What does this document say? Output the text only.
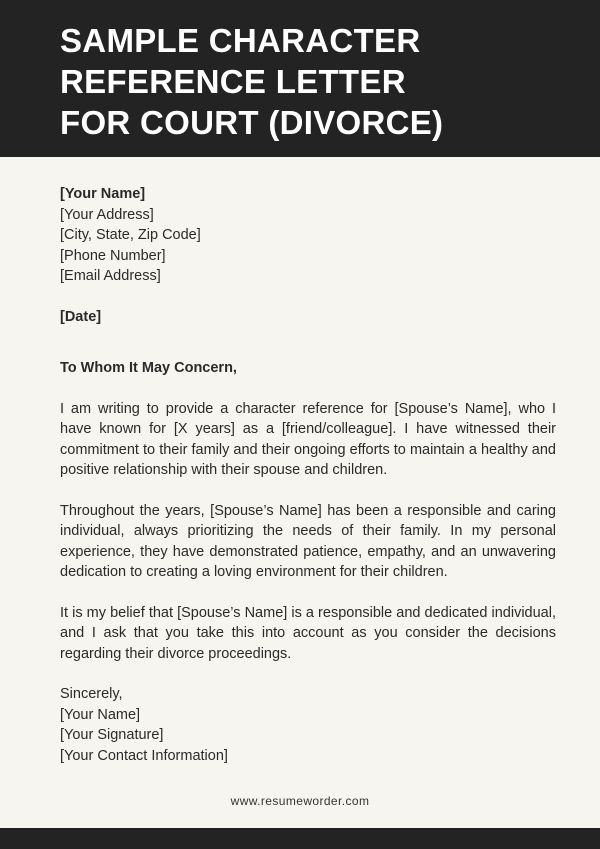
SAMPLE CHARACTER
REFERENCE LETTER
FOR COURT (DIVORCE)
[Your Name]
[Your Address]
[City, State, Zip Code]
[Phone Number]
[Email Address]
[Date]
To Whom It May Concern,

I am writing to provide a character reference for [Spouse’s Name], who I have known for [X years] as a [friend/colleague]. I have witnessed their commitment to their family and their ongoing efforts to maintain a healthy and positive relationship with their spouse and children.

Throughout the years, [Spouse’s Name] has been a responsible and caring individual, always prioritizing the needs of their family. In my personal experience, they have demonstrated patience, empathy, and an unwavering dedication to creating a loving environment for their children.

It is my belief that [Spouse’s Name] is a responsible and dedicated individual, and I ask that you take this into account as you consider the decisions regarding their divorce proceedings.

Sincerely,
[Your Name]
[Your Signature]
[Your Contact Information]
www.resumeworder.com
